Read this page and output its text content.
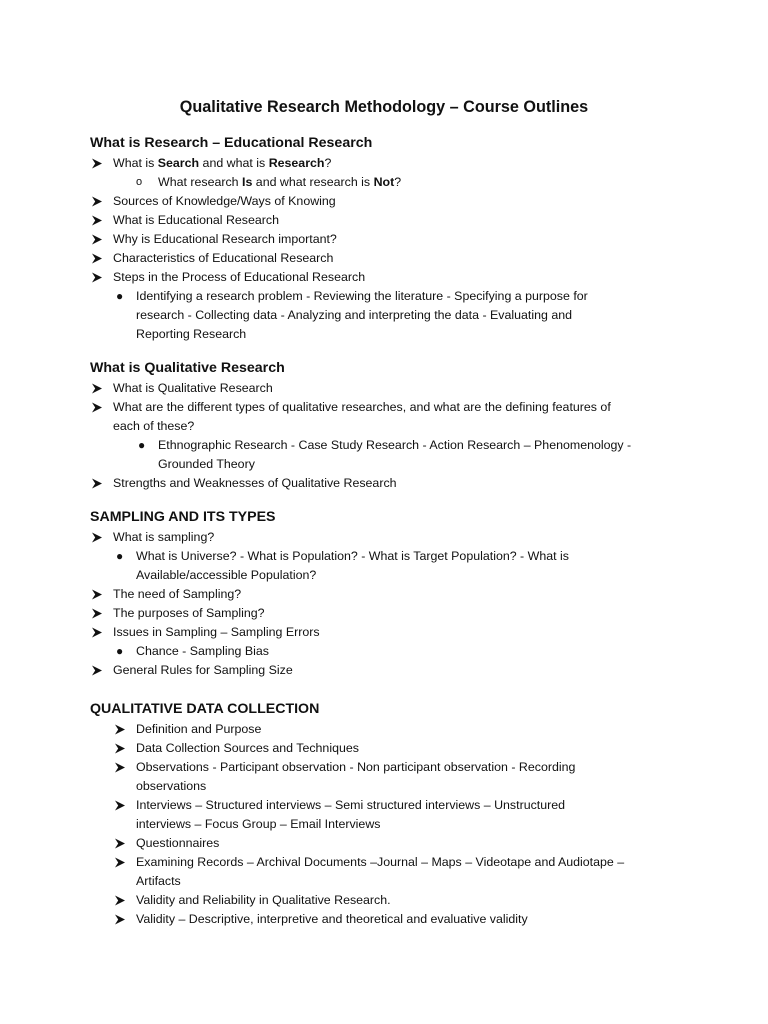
Qualitative Research Methodology – Course Outlines
What is Research – Educational Research
What is Search and what is Research?
o What research Is and what research is Not?
Sources of Knowledge/Ways of Knowing
What is Educational Research
Why is Educational Research important?
Characteristics of Educational Research
Steps in the Process of Educational Research
● Identifying a research problem - Reviewing the literature - Specifying a purpose for
research - Collecting data - Analyzing and interpreting the data - Evaluating and
Reporting Research
What is Qualitative Research
What is Qualitative Research
What are the different types of qualitative researches, and what are the defining features of
each of these?
● Ethnographic Research - Case Study Research - Action Research – Phenomenology -
Grounded Theory
Strengths and Weaknesses of Qualitative Research
SAMPLING AND ITS TYPES
What is sampling?
● What is Universe? - What is Population? - What is Target Population? - What is
Available/accessible Population?
The need of Sampling?
The purposes of Sampling?
Issues in Sampling – Sampling Errors
● Chance - Sampling Bias
General Rules for Sampling Size
QUALITATIVE DATA COLLECTION
Definition and Purpose
Data Collection Sources and Techniques
Observations - Participant observation - Non participant observation - Recording
observations
Interviews – Structured interviews – Semi structured interviews – Unstructured
interviews – Focus Group – Email Interviews
Questionnaires
Examining Records – Archival Documents –Journal – Maps – Videotape and Audiotape –
Artifacts
Validity and Reliability in Qualitative Research.
Validity – Descriptive, interpretive and theoretical and evaluative validity
